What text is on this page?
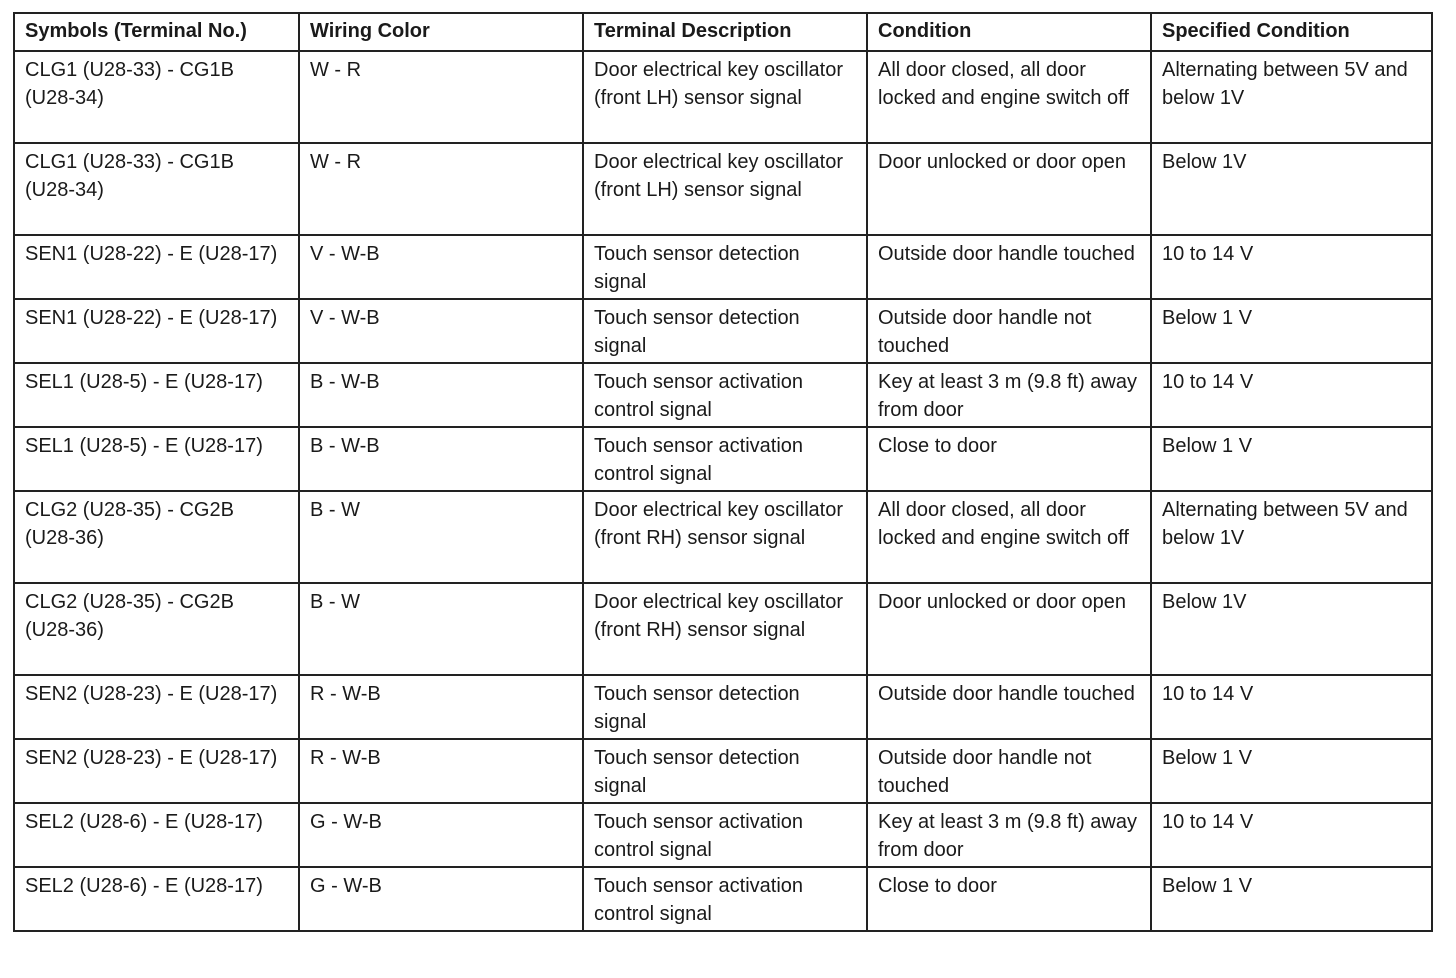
Symbols (Terminal No.)	Wiring Color	Terminal Description	Condition	Specified Condition
CLG1 (U28-33) - CG1B (U28-34)	W - R	Door electrical key oscillator (front LH) sensor signal	All door closed, all door locked and engine switch off	Alternating between 5V and below 1V
CLG1 (U28-33) - CG1B (U28-34)	W - R	Door electrical key oscillator (front LH) sensor signal	Door unlocked or door open	Below 1V
SEN1 (U28-22) - E (U28-17)	V - W-B	Touch sensor detection signal	Outside door handle touched	10 to 14 V
SEN1 (U28-22) - E (U28-17)	V - W-B	Touch sensor detection signal	Outside door handle not touched	Below 1 V
SEL1 (U28-5) - E (U28-17)	B - W-B	Touch sensor activation control signal	Key at least 3 m (9.8 ft) away from door	10 to 14 V
SEL1 (U28-5) - E (U28-17)	B - W-B	Touch sensor activation control signal	Close to door	Below 1 V
CLG2 (U28-35) - CG2B (U28-36)	B - W	Door electrical key oscillator (front RH) sensor signal	All door closed, all door locked and engine switch off	Alternating between 5V and below 1V
CLG2 (U28-35) - CG2B (U28-36)	B - W	Door electrical key oscillator (front RH) sensor signal	Door unlocked or door open	Below 1V
SEN2 (U28-23) - E (U28-17)	R - W-B	Touch sensor detection signal	Outside door handle touched	10 to 14 V
SEN2 (U28-23) - E (U28-17)	R - W-B	Touch sensor detection signal	Outside door handle not touched	Below 1 V
SEL2 (U28-6) - E (U28-17)	G - W-B	Touch sensor activation control signal	Key at least 3 m (9.8 ft) away from door	10 to 14 V
SEL2 (U28-6) - E (U28-17)	G - W-B	Touch sensor activation control signal	Close to door	Below 1 V
